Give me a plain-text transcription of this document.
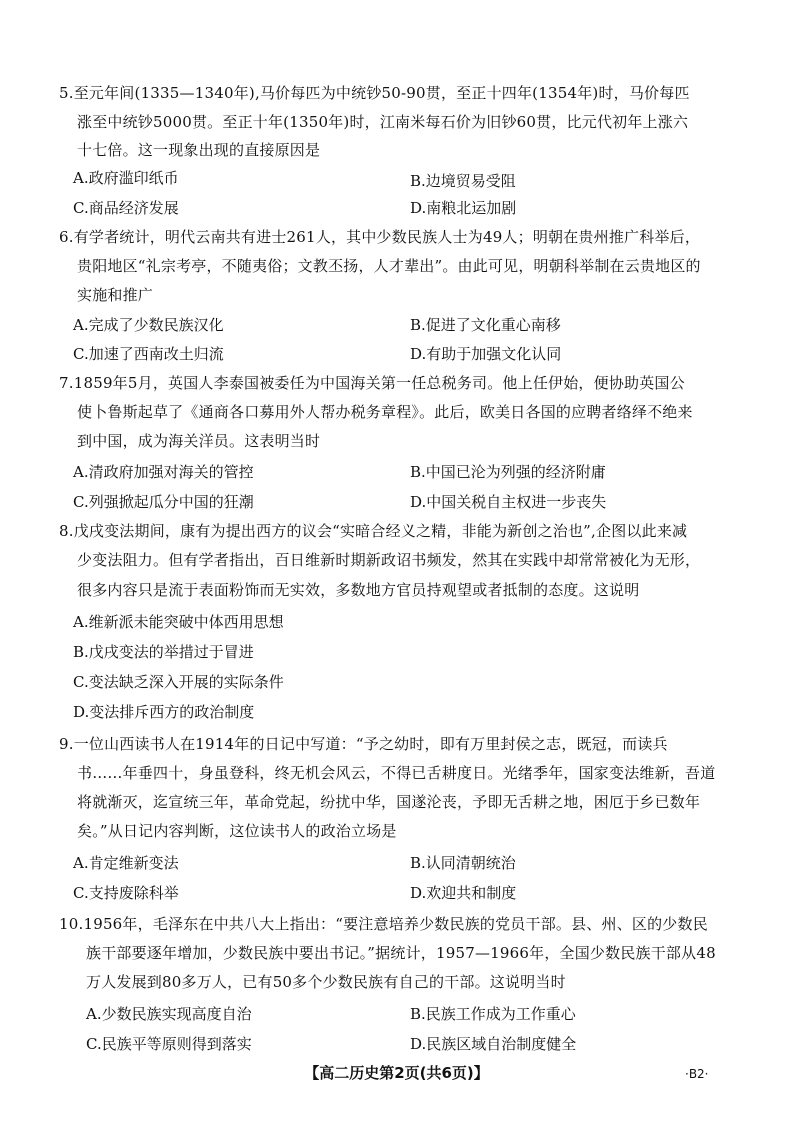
5.至元年间(1335—1340年),马价每匹为中统钞50-90贯，至正十四年(1354年)时，马价每匹
涨至中统钞5000贯。至正十年(1350年)时，江南米每石价为旧钞60贯，比元代初年上涨六
十七倍。这一现象出现的直接原因是
A.政府滥印纸币	B.边境贸易受阻
C.商品经济发展	D.南粮北运加剧
6.有学者统计，明代云南共有进士261人，其中少数民族人士为49人；明朝在贵州推广科举后，
贵阳地区“礼宗考亭，不随夷俗；文教丕扬，人才辈出”。由此可见，明朝科举制在云贵地区的
实施和推广
A.完成了少数民族汉化	B.促进了文化重心南移
C.加速了西南改土归流	D.有助于加强文化认同
7.1859年5月，英国人李泰国被委任为中国海关第一任总税务司。他上任伊始，便协助英国公
使卜鲁斯起草了《通商各口募用外人帮办税务章程》。此后，欧美日各国的应聘者络绎不绝来
到中国，成为海关洋员。这表明当时
A.清政府加强对海关的管控	B.中国已沦为列强的经济附庸
C.列强掀起瓜分中国的狂潮	D.中国关税自主权进一步丧失
8.戊戌变法期间，康有为提出西方的议会“实暗合经义之精，非能为新创之治也”,企图以此来减
少变法阻力。但有学者指出，百日维新时期新政诏书频发，然其在实践中却常常被化为无形，
很多内容只是流于表面粉饰而无实效，多数地方官员持观望或者抵制的态度。这说明
A.维新派未能突破中体西用思想
B.戊戌变法的举措过于冒进
C.变法缺乏深入开展的实际条件
D.变法排斥西方的政治制度
9.一位山西读书人在1914年的日记中写道：“予之幼时，即有万里封侯之志，既冠，而读兵
书……年垂四十，身虽登科，终无机会风云，不得已舌耕度日。光绪季年，国家变法维新，吾道
将就渐灭，迄宣统三年，革命党起，纷扰中华，国遂沦丧，予即无舌耕之地，困厄于乡已数年
矣。”从日记内容判断，这位读书人的政治立场是
A.肯定维新变法	B.认同清朝统治
C.支持废除科举	D.欢迎共和制度
10.1956年，毛泽东在中共八大上指出：“要注意培养少数民族的党员干部。县、州、区的少数民
族干部要逐年增加，少数民族中要出书记。”据统计，1957—1966年，全国少数民族干部从48
万人发展到80多万人，已有50多个少数民族有自己的干部。这说明当时
A.少数民族实现高度自治	B.民族工作成为工作重心
C.民族平等原则得到落实	D.民族区域自治制度健全
【高二历史第2页(共6页)】	·B2·
